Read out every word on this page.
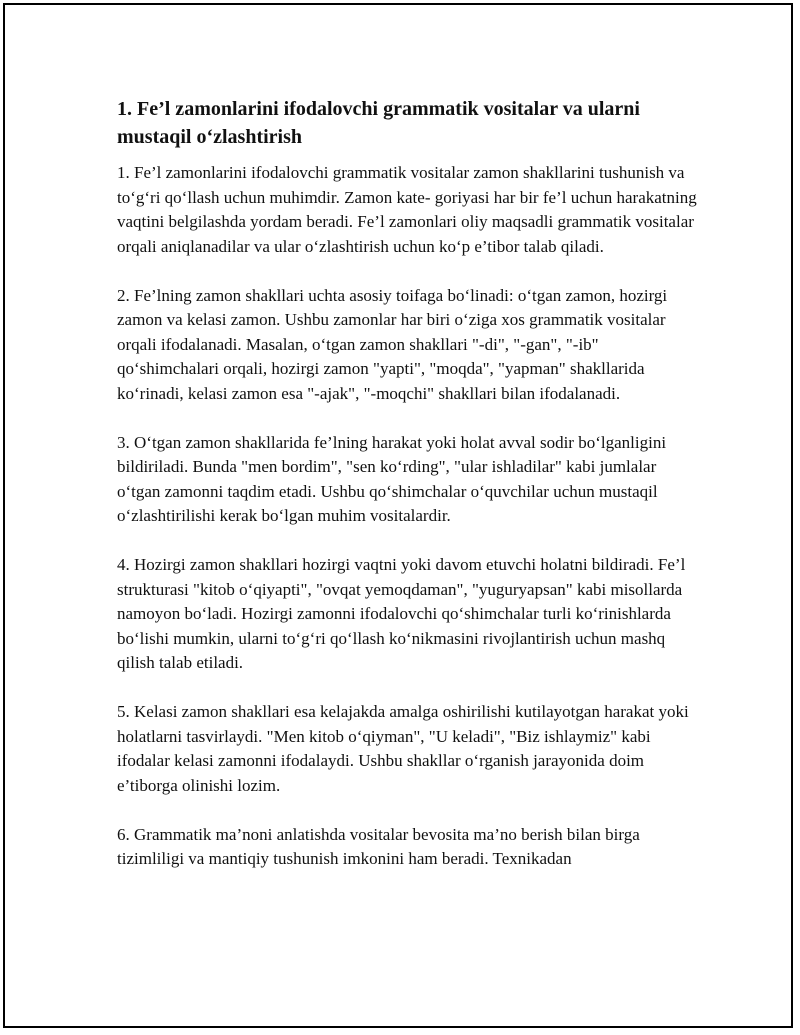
1. Fe’l zamonlarini ifodalovchi grammatik vositalar va ularni mustaqil o‘zlashtirish

1. Fe’l zamonlarini ifodalovchi grammatik vositalar zamon shakllarini tushunish va to‘g‘ri qo‘llash uchun muhimdir. Zamon kate- goriyasi har bir fe’l uchun harakatning vaqtini belgilashda yordam beradi. Fe’l zamonlari oliy maqsadli grammatik vositalar orqali aniqlanadilar va ular o‘zlashtirish uchun ko‘p e’tibor talab qiladi.

2. Fe’lning zamon shakllari uchta asosiy toifaga bo‘linadi: o‘tgan zamon, hozirgi zamon va kelasi zamon. Ushbu zamonlar har biri o‘ziga xos grammatik vositalar orqali ifodalanadi. Masalan, o‘tgan zamon shakllari "-di", "-gan", "-ib" qo‘shimchalari orqali, hozirgi zamon "yapti", "moqda", "yapman" shakllarida ko‘rinadi, kelasi zamon esa "-ajak", "-moqchi" shakllari bilan ifodalanadi.

3. O‘tgan zamon shakllarida fe’lning harakat yoki holat avval sodir bo‘lganligini bildiriladi. Bunda "men bordim", "sen ko‘rding", "ular ishladilar" kabi jumlalar o‘tgan zamonni taqdim etadi. Ushbu qo‘shimchalar o‘quvchilar uchun mustaqil o‘zlashtirilishi kerak bo‘lgan muhim vositalardir.

4. Hozirgi zamon shakllari hozirgi vaqtni yoki davom etuvchi holatni bildiradi. Fe’l strukturasi "kitob o‘qiyapti", "ovqat yemoqdaman", "yuguryapsan" kabi misollarda namoyon bo‘ladi. Hozirgi zamonni ifodalovchi qo‘shimchalar turli ko‘rinishlarda bo‘lishi mumkin, ularni to‘g‘ri qo‘llash ko‘nikmasini rivojlantirish uchun mashq qilish talab etiladi.

5. Kelasi zamon shakllari esa kelajakda amalga oshirilishi kutilayotgan harakat yoki holatlarni tasvirlaydi. "Men kitob o‘qiyman", "U keladi", "Biz ishlaymiz" kabi ifodalar kelasi zamonni ifodalaydi. Ushbu shakllar o‘rganish jarayonida doim e’tiborga olinishi lozim.

6. Grammatik ma’noni anlatishda vositalar bevosita ma’no berish bilan birga tizimliligi va mantiqiy tushunish imkonini ham beradi. Texnikadan
